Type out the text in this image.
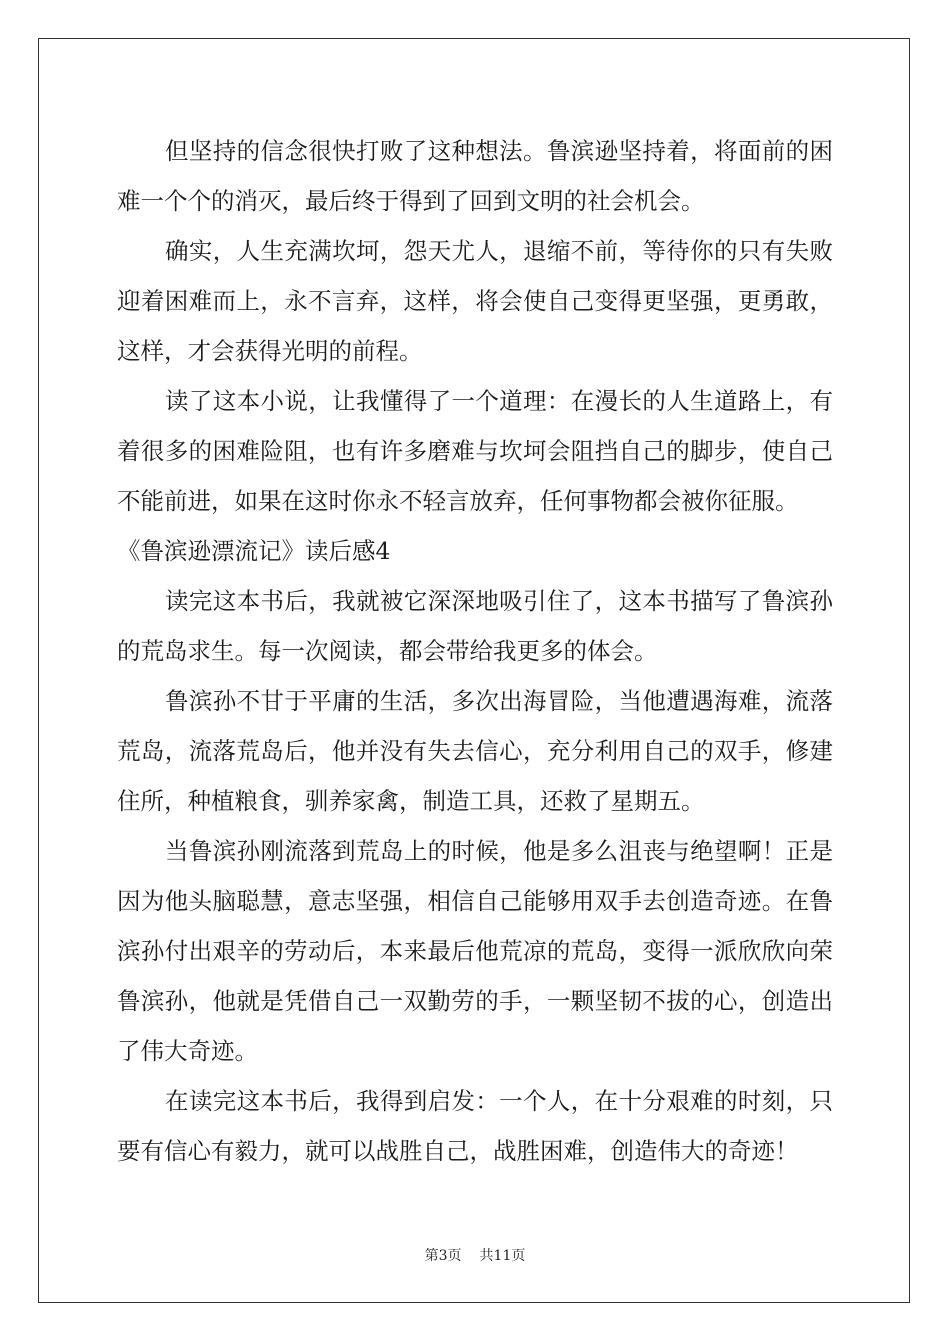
但坚持的信念很快打败了这种想法。鲁滨逊坚持着，将面前的困
难一个个的消灭，最后终于得到了回到文明的社会机会。
确实，人生充满坎坷，怨天尤人，退缩不前，等待你的只有失败
迎着困难而上，永不言弃，这样，将会使自己变得更坚强，更勇敢，
这样，才会获得光明的前程。
读了这本小说，让我懂得了一个道理：在漫长的人生道路上，有
着很多的困难险阻，也有许多磨难与坎坷会阻挡自己的脚步，使自己
不能前进，如果在这时你永不轻言放弃，任何事物都会被你征服。
《鲁滨逊漂流记》读后感4
读完这本书后，我就被它深深地吸引住了，这本书描写了鲁滨孙
的荒岛求生。每一次阅读，都会带给我更多的体会。
鲁滨孙不甘于平庸的生活，多次出海冒险，当他遭遇海难，流落
荒岛，流落荒岛后，他并没有失去信心，充分利用自己的双手，修建
住所，种植粮食，驯养家禽，制造工具，还救了星期五。
当鲁滨孙刚流落到荒岛上的时候，他是多么沮丧与绝望啊！正是
因为他头脑聪慧，意志坚强，相信自己能够用双手去创造奇迹。在鲁
滨孙付出艰辛的劳动后，本来最后他荒凉的荒岛，变得一派欣欣向荣
鲁滨孙，他就是凭借自己一双勤劳的手，一颗坚韧不拔的心，创造出
了伟大奇迹。
在读完这本书后，我得到启发：一个人，在十分艰难的时刻，只
要有信心有毅力，就可以战胜自己，战胜困难，创造伟大的奇迹！
第3页 共11页
